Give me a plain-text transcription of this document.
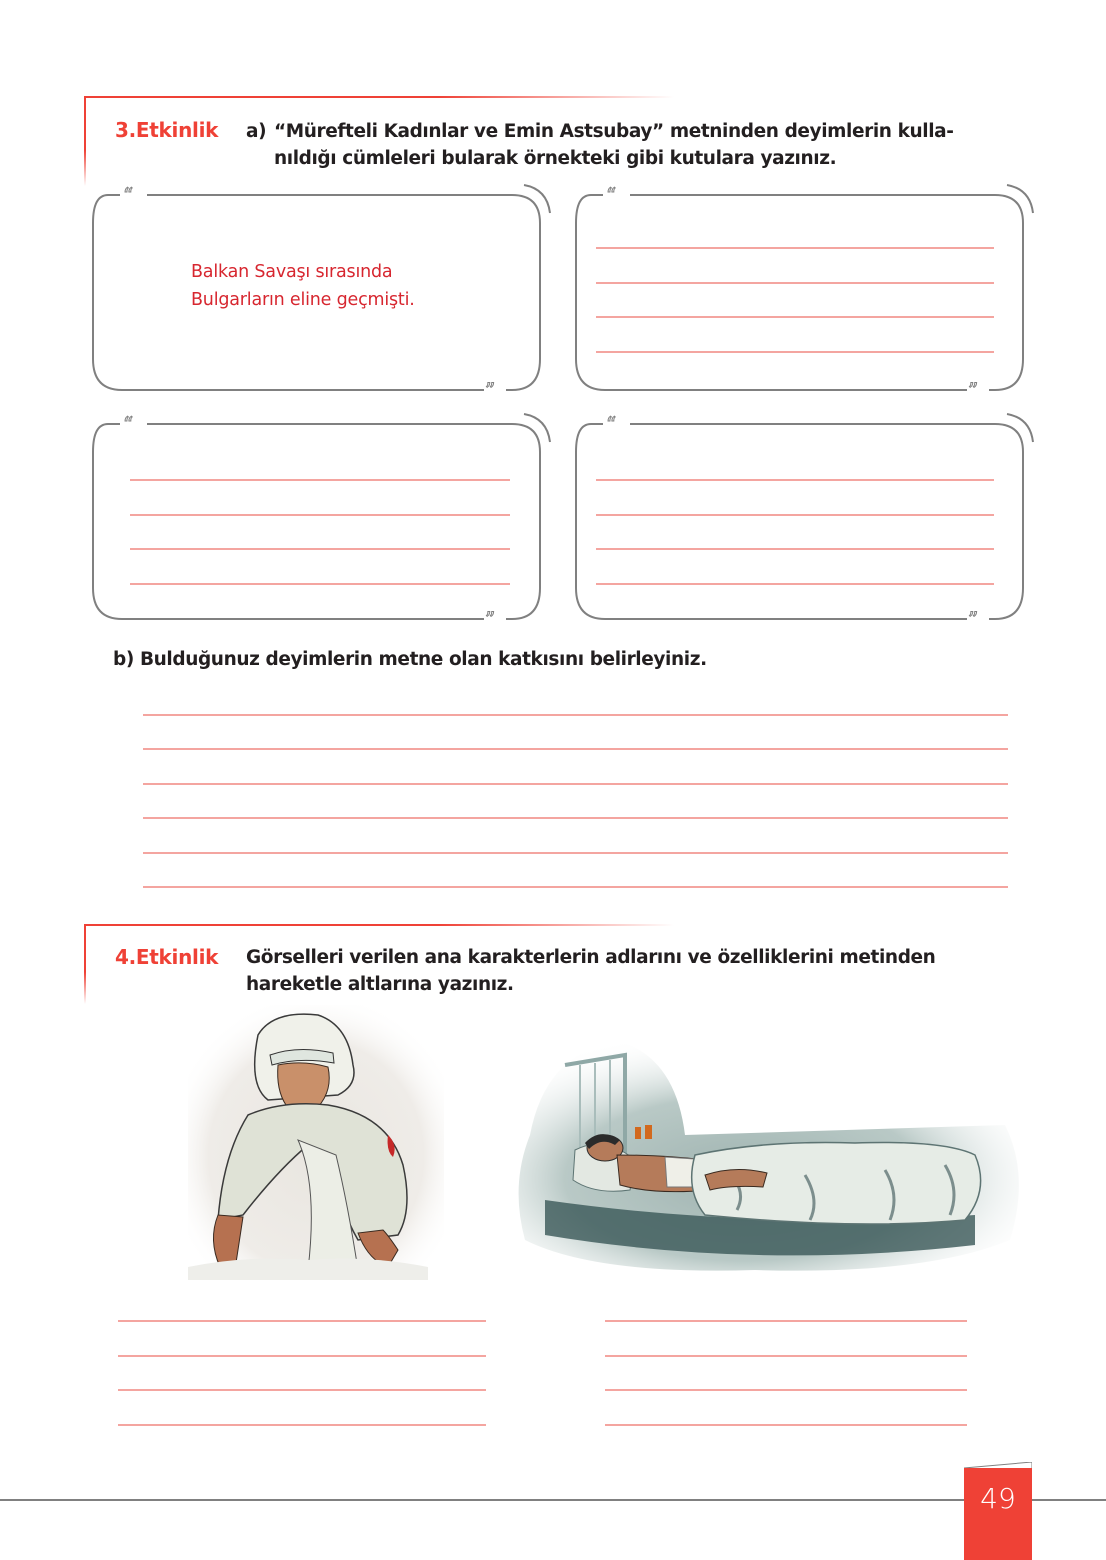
3.Etkinlik a) “Mürefteli Kadınlar ve Emin Astsubay” metninden deyimlerin kulla-
nıldığı cümleleri bularak örnekteki gibi kutulara yazınız.
“
”
Balkan Savaşı sırasında
Bulgarların eline geçmişti.
“
”
“
”
“
”
b) Bulduğunuz deyimlerin metne olan katkısını belirleyiniz.
4.Etkinlik Görselleri verilen ana karakterlerin adlarını ve özelliklerini metinden
hareketle altlarına yazınız.
49
